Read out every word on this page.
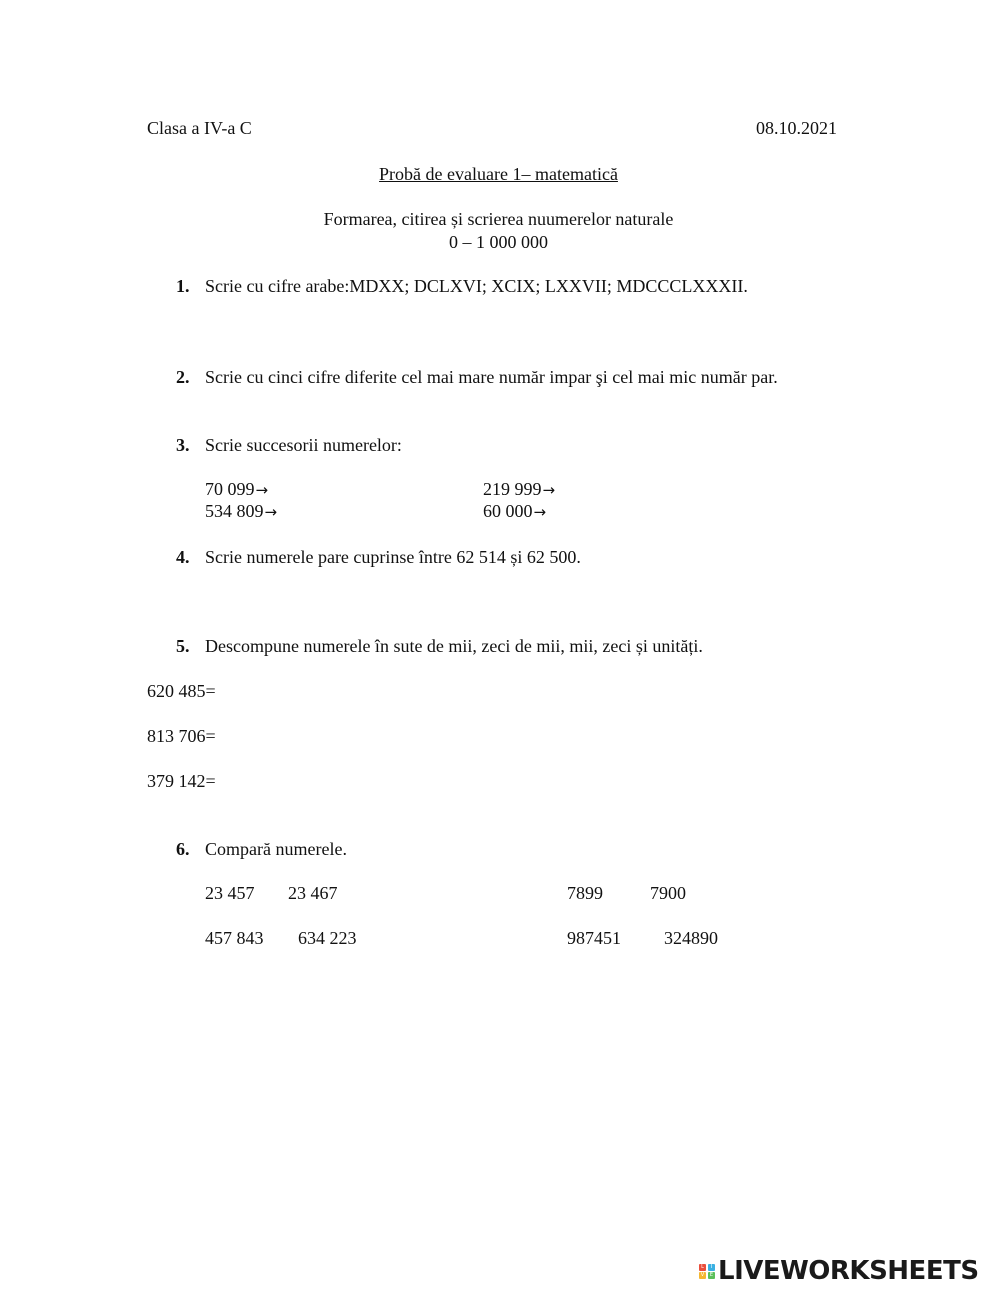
Clasa a IV-a C	08.10.2021
Probă de evaluare 1– matematică
Formarea, citirea și scrierea nuumerelor naturale
0 – 1 000 000
1. Scrie cu cifre arabe:MDXX; DCLXVI; XCIX; LXXVII; MDCCCLXXXII.
2. Scrie cu cinci cifre diferite cel mai mare număr impar şi cel mai mic număr par.
3. Scrie succesorii numerelor:
70 099→	219 999→
534 809→	60 000→
4. Scrie numerele pare cuprinse între 62 514 și 62 500.
5. Descompune numerele în sute de mii, zeci de mii, mii, zeci și unități.
620 485=
813 706=
379 142=
6. Compară numerele.
23 457 23 467	7899	7900
457 843 634 223	987451 324890
L
V
I
E LIVEWORKSHEETS
